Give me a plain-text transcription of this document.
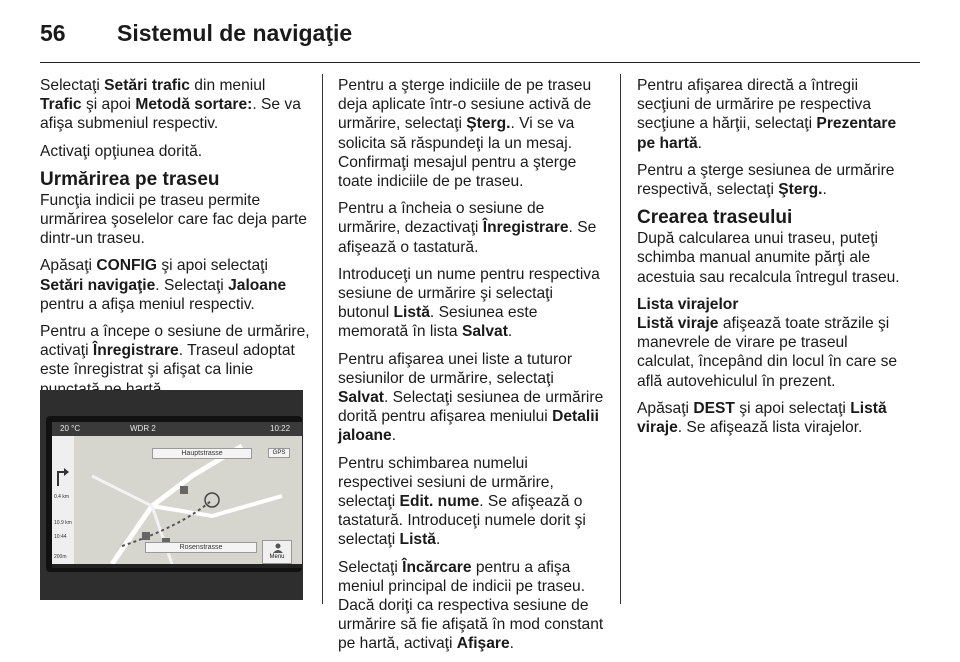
56 Sistemul de navigaţie

Selectaţi Setări trafic din meniul Trafic şi apoi Metodă sortare:. Se va afişa submeniul respectiv.

Activaţi opţiunea dorită.

Urmărirea pe traseu

Funcţia indicii pe traseu permite urmărirea şoselelor care fac deja parte dintr-un traseu.

Apăsaţi CONFIG şi apoi selectaţi Setări navigaţie. Selectaţi Jaloane pentru a afişa meniul respectiv.

Pentru a începe o sesiune de urmărire, activaţi Înregistrare. Traseul adoptat este înregistrat şi afişat ca linie

20 °C	WDR 2	10:22
0.4 km
10.9 km
10:44
200m
Hauptstrasse	GPS
Rosenstrasse
Menu

Pentru a şterge indiciile de pe traseu deja aplicate într-o sesiune activă de urmărire, selectaţi Şterg.. Vi se va solicita să răspundeţi la un mesaj. Confirmaţi mesajul pentru a şterge toate indiciile de pe traseu.

Pentru a încheia o sesiune de urmărire, dezactivaţi Înregistrare. Se afişează o tastatură.

Introduceţi un nume pentru respectiva sesiune de urmărire şi selectaţi butonul Listă. Sesiunea este memorată în lista Salvat.

Pentru afişarea unei liste a tuturor sesiunilor de urmărire, selectaţi Salvat. Selectaţi sesiunea de urmărire dorită pentru afişarea meniului Detalii jaloane.

Pentru schimbarea numelui respectivei sesiuni de urmărire, selectaţi Edit. nume. Se afişează o tastatură. Introduceţi numele dorit şi selectaţi Listă.

Selectaţi Încărcare pentru a afişa meniul principal de indicii pe traseu. Dacă doriţi ca respectiva sesiune de urmărire să fie afişată în mod constant pe hartă, activaţi Afişare.

Pentru afişarea directă a întregii secţiuni de urmărire pe respectiva secţiune a hărţii, selectaţi Prezentare pe hartă.

Pentru a şterge sesiunea de urmărire respectivă, selectaţi Şterg..

Crearea traseului

După calcularea unui traseu, puteţi schimba manual anumite părţi ale acestuia sau recalcula întregul traseu.

Lista virajelor

Listă viraje afişează toate străzile şi manevrele de virare pe traseul calculat, începând din locul în care se află autovehiculul în prezent.

Apăsaţi DEST şi apoi selectaţi Listă viraje. Se afişează lista virajelor.
